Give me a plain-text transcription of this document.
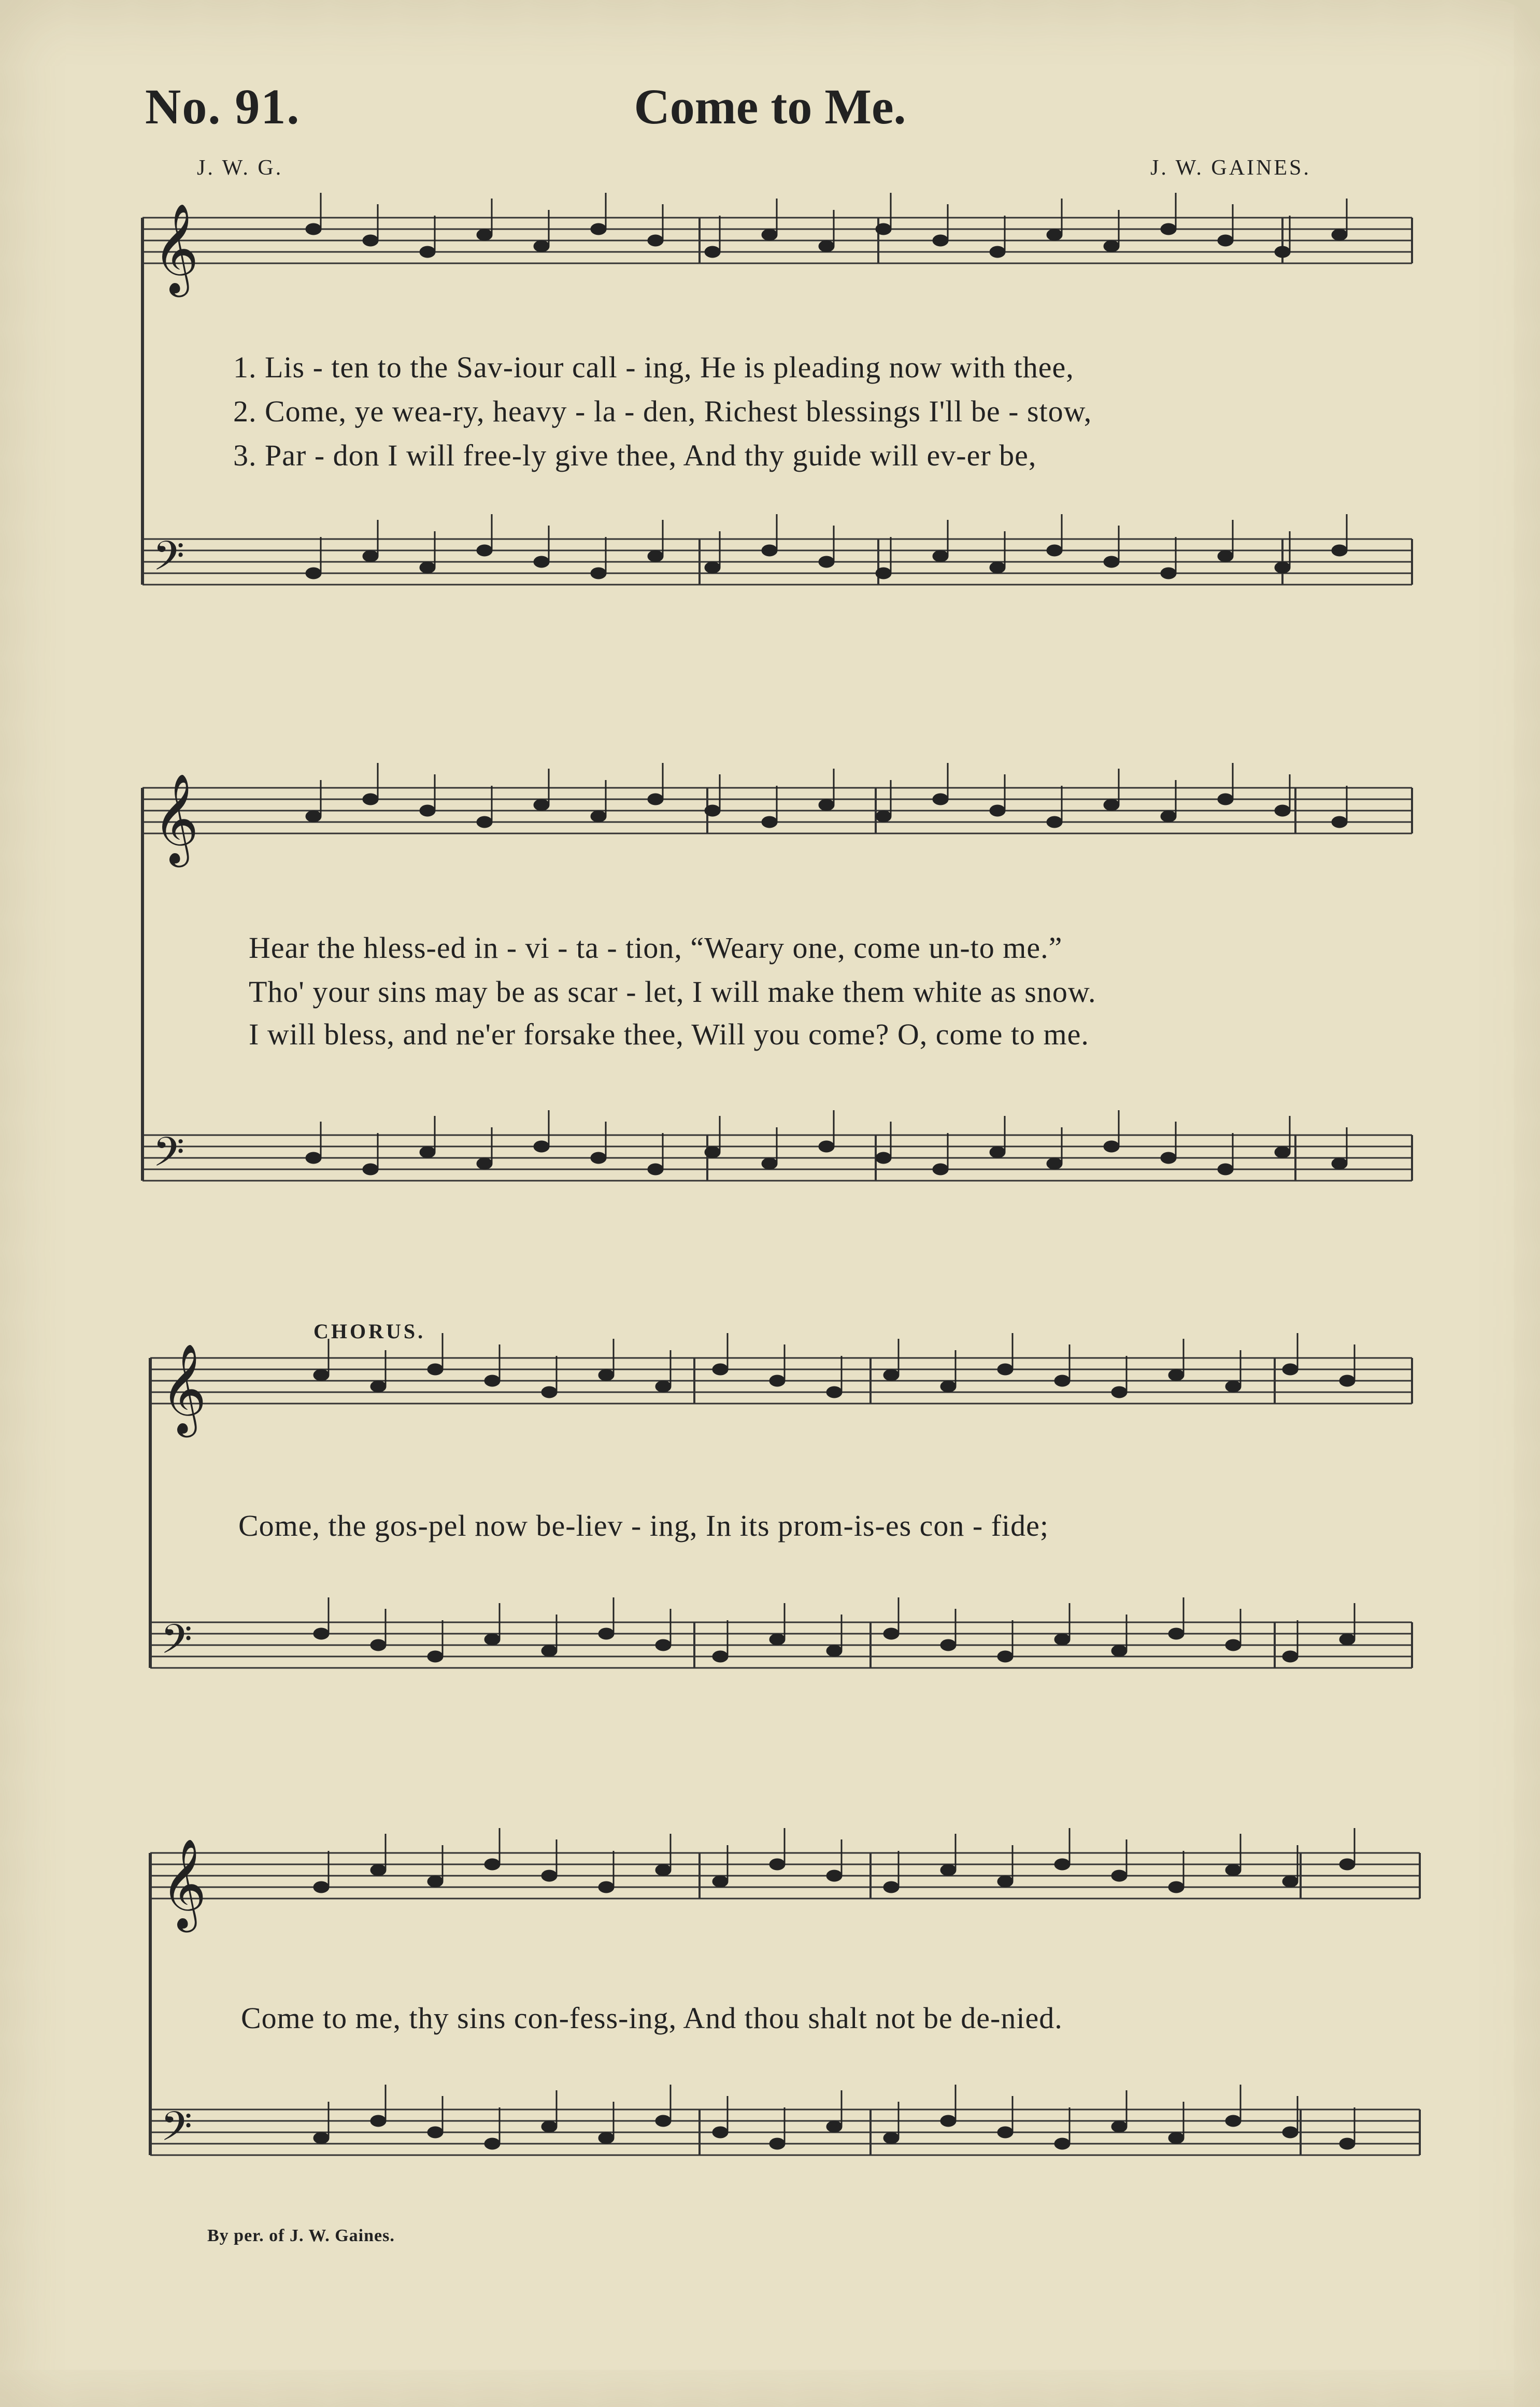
No. 91.	Come to Me.
J. W. G.	J. W. GAINES.
𝄞
𝄢
𝄞
𝄢
𝄞
𝄢
𝄞
𝄢
1. Lis - ten to the Sav-iour call - ing, He is pleading now with thee,
2. Come, ye wea-ry, heavy - la - den, Richest blessings I'll be - stow,
3. Par - don I will free-ly give thee, And thy guide will ev-er be,
Hear the hless-ed in - vi - ta - tion, “Weary one, come un-to me.”
Tho' your sins may be as scar - let, I will make them white as snow.
I will bless, and ne'er forsake thee, Will you come? O, come to me.
CHORUS.
Come, the gos-pel now be-liev - ing, In its prom-is-es con - fide;
Come to me, thy sins con-fess-ing, And thou shalt not be de-nied.
By per. of J. W. Gaines.
